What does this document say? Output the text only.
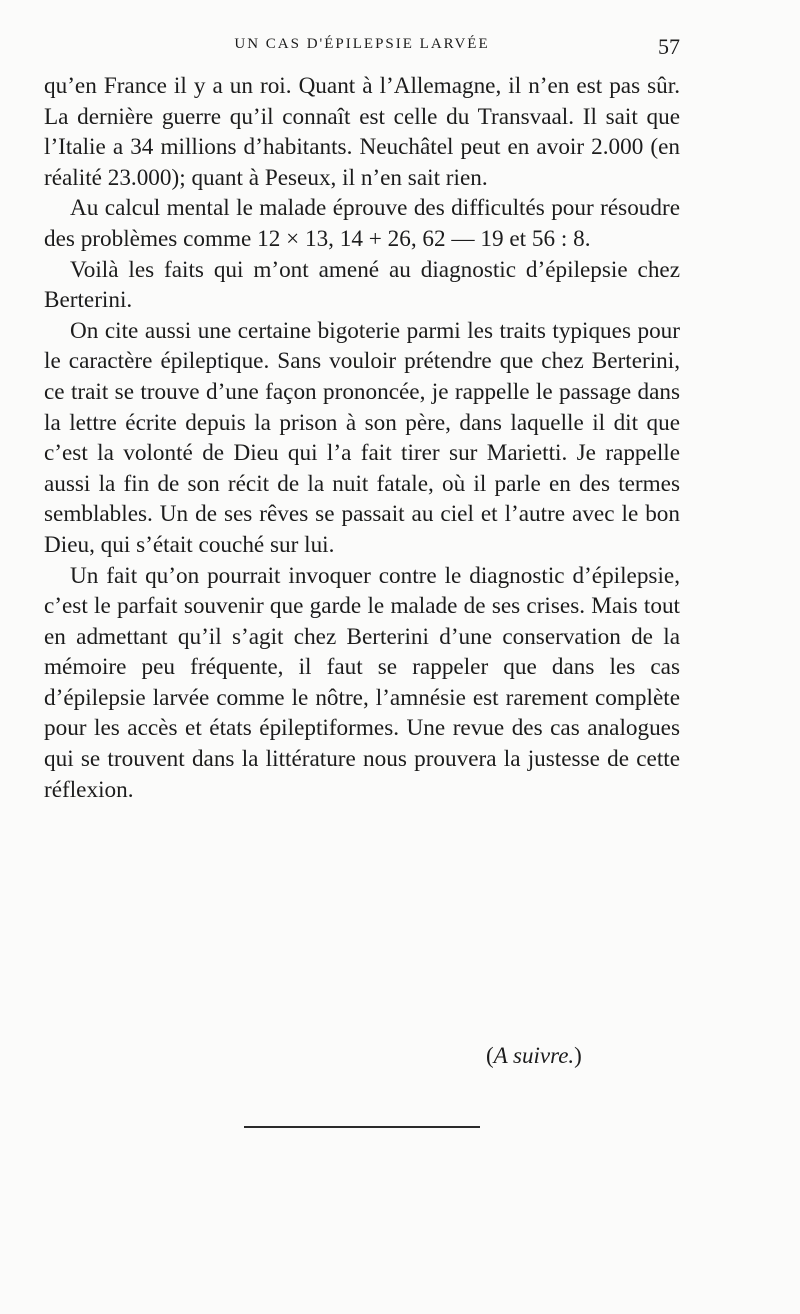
UN CAS D'ÉPILEPSIE LARVÉE	57

qu’en France il y a un roi. Quant à l’Allemagne, il n’en est pas sûr. La dernière guerre qu’il connaît est celle du Transvaal. Il sait que l’Italie a 34 millions d’habitants. Neuchâtel peut en avoir 2.000 (en réalité 23.000); quant à Peseux, il n’en sait rien.

Au calcul mental le malade éprouve des difficultés pour résoudre des problèmes comme 12 × 13, 14 + 26, 62 — 19 et 56 : 8.

Voilà les faits qui m’ont amené au diagnostic d’épilepsie chez Berterini.

On cite aussi une certaine bigoterie parmi les traits typiques pour le caractère épileptique. Sans vouloir prétendre que chez Berterini, ce trait se trouve d’une façon prononcée, je rappelle le passage dans la lettre écrite depuis la prison à son père, dans laquelle il dit que c’est la volonté de Dieu qui l’a fait tirer sur Marietti. Je rappelle aussi la fin de son récit de la nuit fatale, où il parle en des termes semblables. Un de ses rêves se passait au ciel et l’autre avec le bon Dieu, qui s’était couché sur lui.

Un fait qu’on pourrait invoquer contre le diagnostic d’épilepsie, c’est le parfait souvenir que garde le malade de ses crises. Mais tout en admettant qu’il s’agit chez Berterini d’une conservation de la mémoire peu fréquente, il faut se rappeler que dans les cas d’épilepsie larvée comme le nôtre, l’amnésie est rarement complète pour les accès et états épileptiformes. Une revue des cas analogues qui se trouvent dans la littérature nous prouvera la justesse de cette réflexion.

(A suivre.)
